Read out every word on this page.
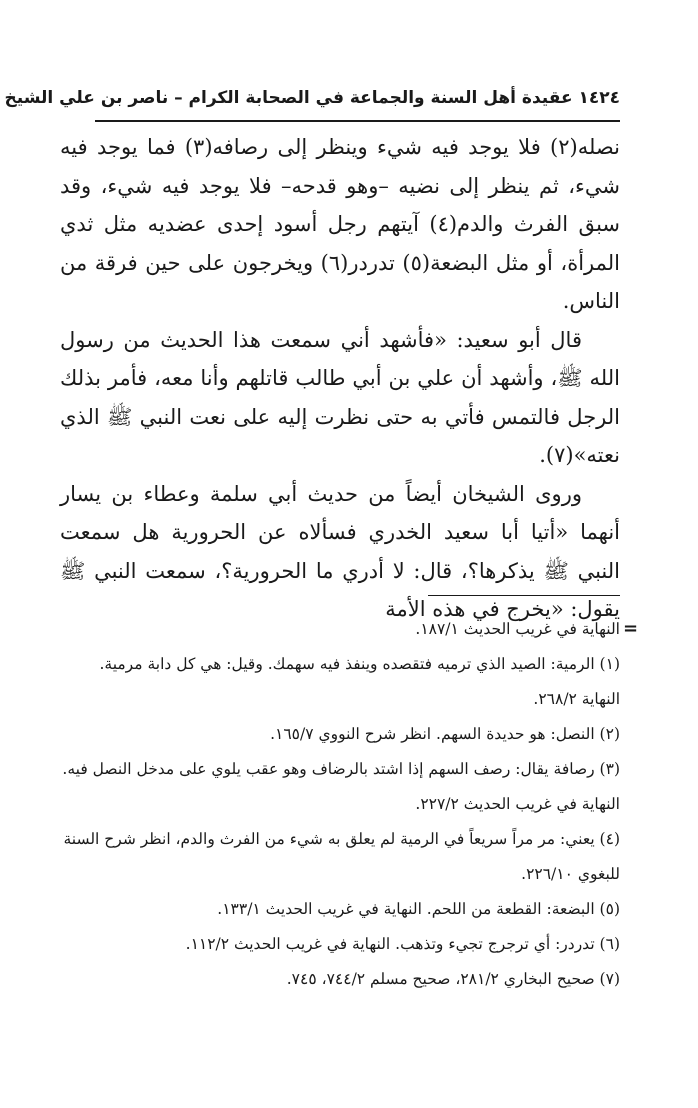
١٤٢٤ عقيدة أهل السنة والجماعة في الصحابة الكرام – ناصر بن علي الشيخ

نصله(٢) فلا يوجد فيه شيء وينظر إلى رصافه(٣) فما يوجد فيه شيء، ثم ينظر إلى نضيه –وهو قدحه– فلا يوجد فيه شيء، وقد سبق الفرث والدم(٤) آيتهم رجل أسود إحدى عضديه مثل ثدي المرأة، أو مثل البضعة(٥) تدردر(٦) ويخرجون على حين فرقة من الناس.

قال أبو سعيد: «فأشهد أني سمعت هذا الحديث من رسول الله ﷺ، وأشهد أن علي بن أبي طالب قاتلهم وأنا معه، فأمر بذلك الرجل فالتمس فأتي به حتى نظرت إليه على نعت النبي ﷺ الذي نعته»(٧).

وروى الشيخان أيضاً من حديث أبي سلمة وعطاء بن يسار أنهما «أتيا أبا سعيد الخدري فسألاه عن الحرورية هل سمعت النبي ﷺ يذكرها؟، قال: لا أدري ما الحرورية؟، سمعت النبي ﷺ يقول: «يخرج في هذه الأمة

=

النهاية في غريب الحديث ١٨٧/١.

(١) الرمية: الصيد الذي ترميه فتقصده وينفذ فيه سهمك. وقيل: هي كل دابة مرمية. النهاية ٢٦٨/٢.

(٢) النصل: هو حديدة السهم. انظر شرح النووي ١٦٥/٧.

(٣) رصافة يقال: رصف السهم إذا اشتد بالرضاف وهو عقب يلوي على مدخل النصل فيه. النهاية في غريب الحديث ٢٢٧/٢.

(٤) يعني: مر مراً سريعاً في الرمية لم يعلق به شيء من الفرث والدم، انظر شرح السنة للبغوي ٢٢٦/١٠.

(٥) البضعة: القطعة من اللحم. النهاية في غريب الحديث ١٣٣/١.

(٦) تدردر: أي ترجرج تجيء وتذهب. النهاية في غريب الحديث ١١٢/٢.

(٧) صحيح البخاري ٢٨١/٢، صحيح مسلم ٧٤٤/٢، ٧٤٥.
